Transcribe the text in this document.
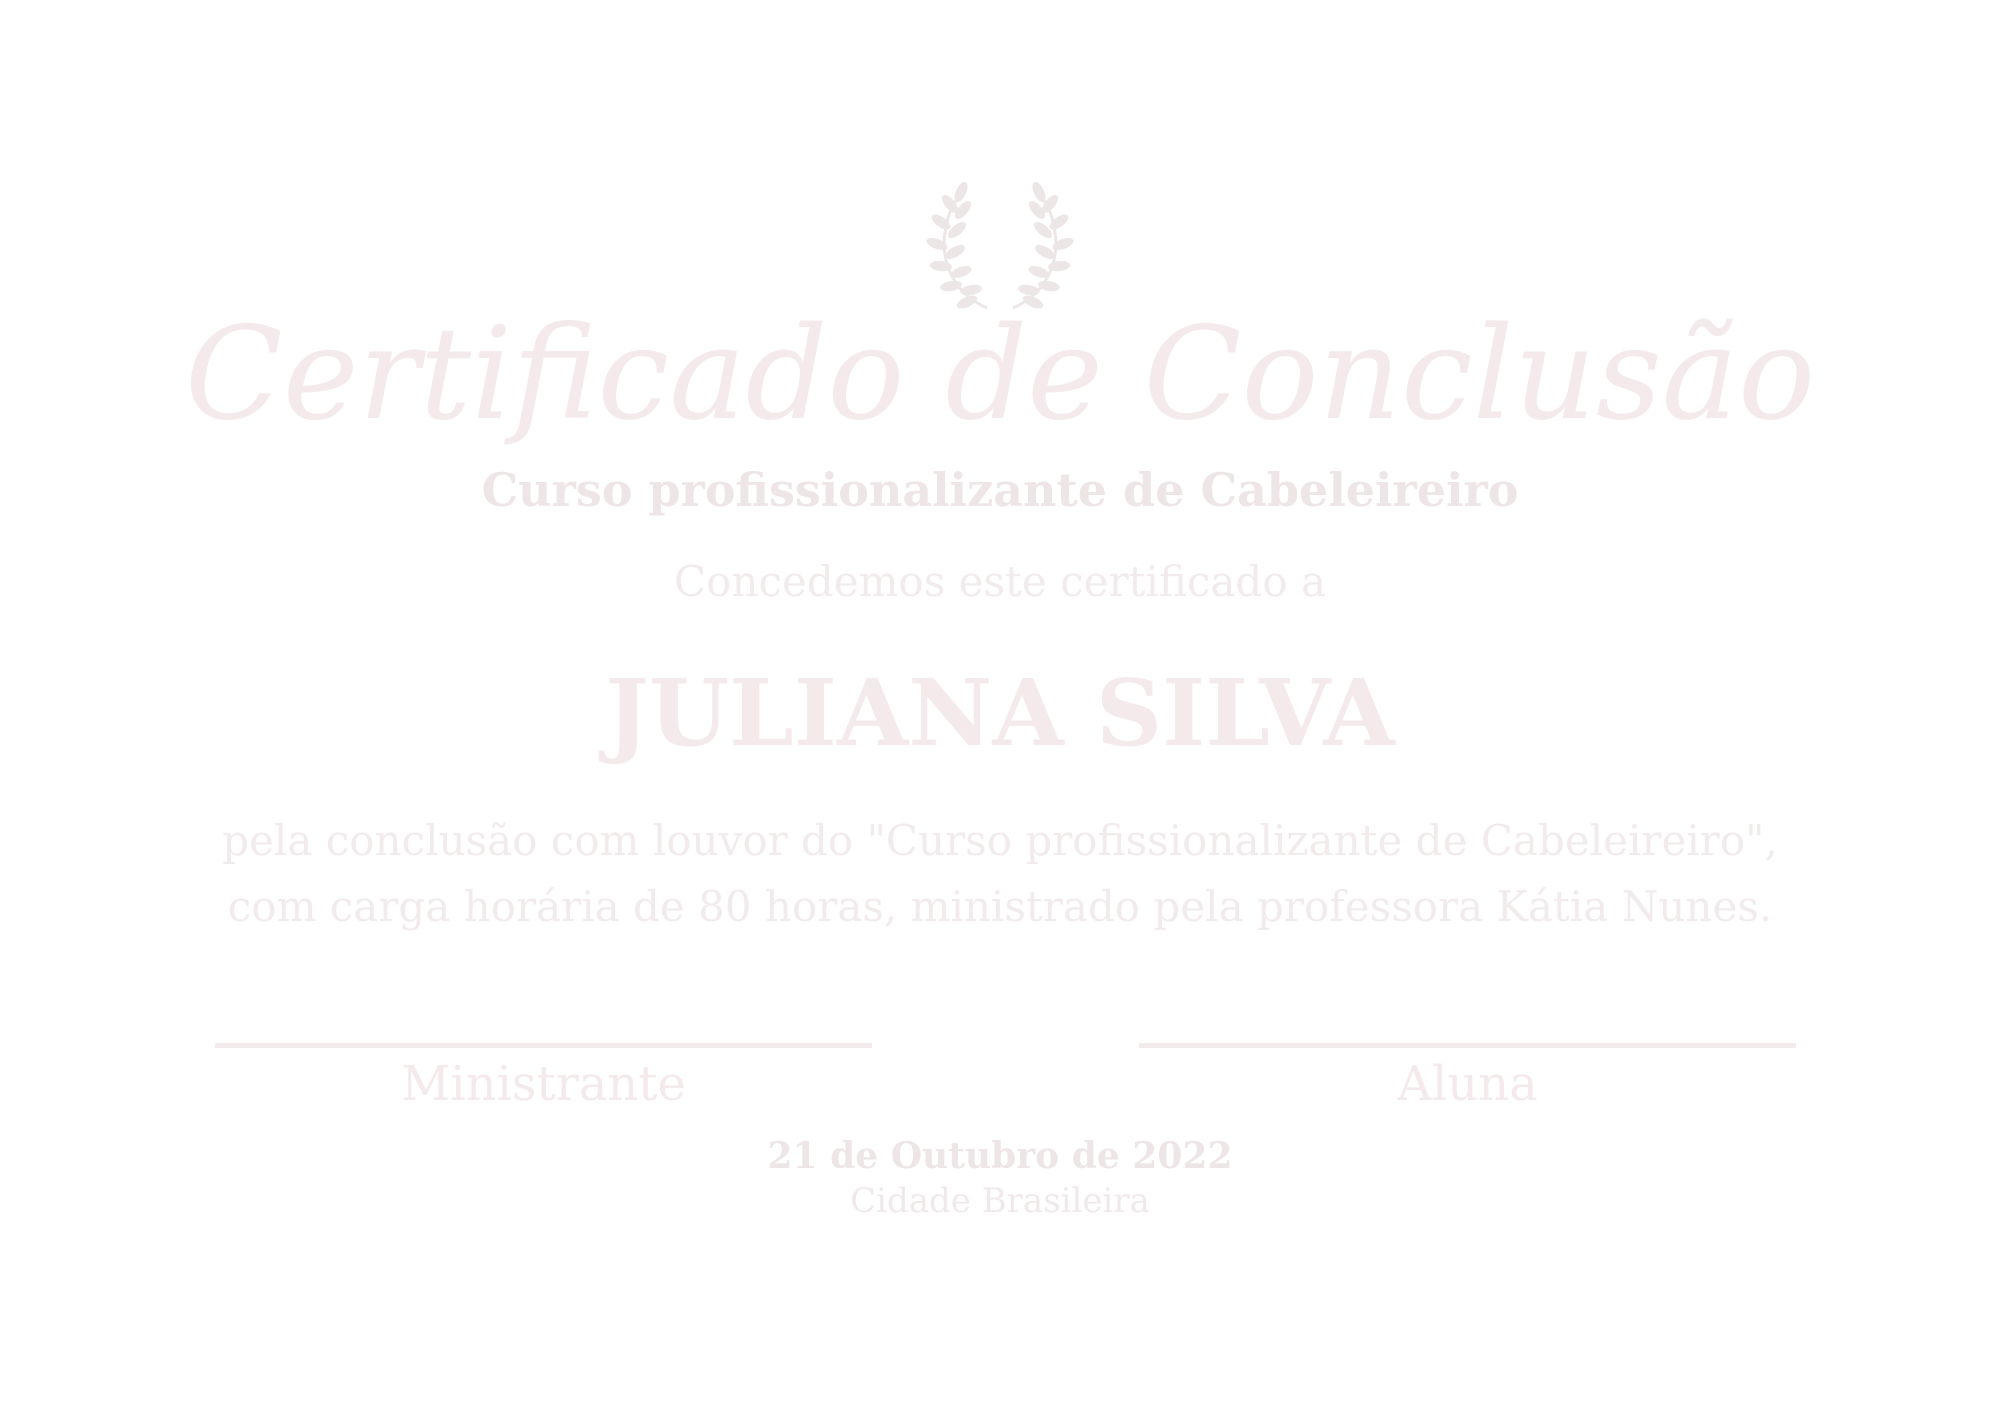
Certificado de Conclusão
Curso profissionalizante de Cabeleireiro
Concedemos este certificado a
JULIANA SILVA
pela conclusão com louvor do "Curso profissionalizante de Cabeleireiro",
com carga horária de 80 horas, ministrado pela professora Kátia Nunes.
Ministrante	Aluna
21 de Outubro de 2022
Cidade Brasileira
